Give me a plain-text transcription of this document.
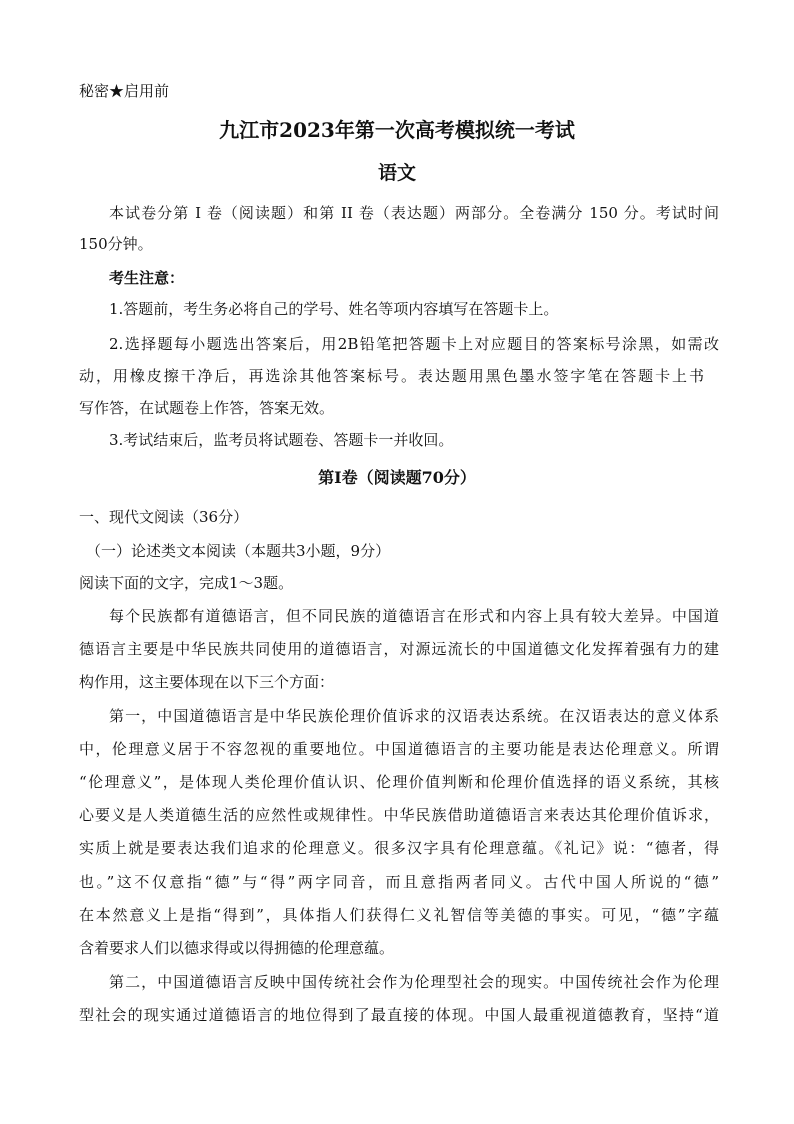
秘密★启用前
九江市2023年第一次高考模拟统一考试
语文
本试卷分第 I 卷（阅读题）和第 II 卷（表达题）两部分。全卷满分 150 分。考试时间
150分钟。
考生注意：
1.答题前，考生务必将自己的学号、姓名等项内容填写在答题卡上。
2.选择题每小题选出答案后，用2B铅笔把答题卡上对应题目的答案标号涂黑，如需改
动，用橡皮擦干净后，再选涂其他答案标号。表达题用黑色墨水签字笔在答题卡上书
写作答，在试题卷上作答，答案无效。
3.考试结束后，监考员将试题卷、答题卡一并收回。
第I卷（阅读题70分）
一、现代文阅读（36分）
（一）论述类文本阅读（本题共3小题，9分）
阅读下面的文字，完成1～3题。
每个民族都有道德语言，但不同民族的道德语言在形式和内容上具有较大差异。中国道
德语言主要是中华民族共同使用的道德语言，对源远流长的中国道德文化发挥着强有力的建
构作用，这主要体现在以下三个方面：
第一，中国道德语言是中华民族伦理价值诉求的汉语表达系统。在汉语表达的意义体系
中，伦理意义居于不容忽视的重要地位。中国道德语言的主要功能是表达伦理意义。所谓
“伦理意义”，是体现人类伦理价值认识、伦理价值判断和伦理价值选择的语义系统，其核
心要义是人类道德生活的应然性或规律性。中华民族借助道德语言来表达其伦理价值诉求，
实质上就是要表达我们追求的伦理意义。很多汉字具有伦理意蕴。《礼记》说：“德者，得
也。”这不仅意指“德”与“得”两字同音，而且意指两者同义。古代中国人所说的“德”
在本然意义上是指“得到”，具体指人们获得仁义礼智信等美德的事实。可见，“德”字蕴
含着要求人们以德求得或以得拥德的伦理意蕴。
第二，中国道德语言反映中国传统社会作为伦理型社会的现实。中国传统社会作为伦理
型社会的现实通过道德语言的地位得到了最直接的体现。中国人最重视道德教育，坚持“道
